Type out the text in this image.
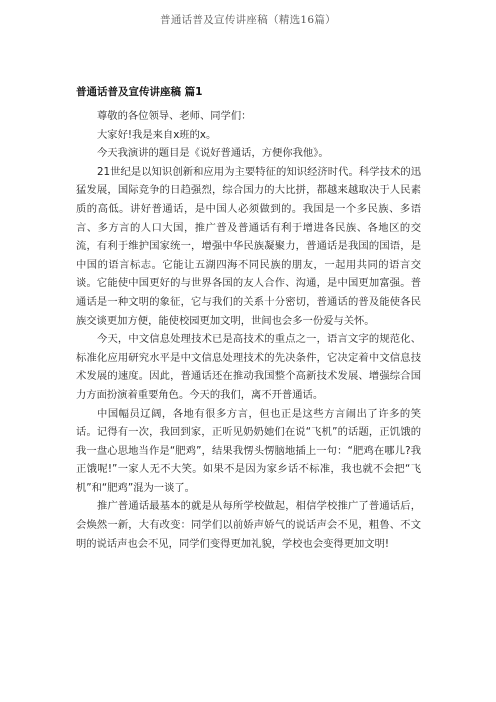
普通话普及宣传讲座稿（精选16篇）
普通话普及宣传讲座稿 篇1

尊敬的各位领导、老师、同学们：

大家好!我是来自x班的x。

今天我演讲的题目是《说好普通话，方便你我他》。

21世纪是以知识创新和应用为主要特征的知识经济时代。科学技术的迅猛发展，国际竞争的日趋强烈，综合国力的大比拼，都越来越取决于人民素质的高低。讲好普通话，是中国人必须做到的。我国是一个多民族、多语言、多方言的人口大国，推广普及普通话有利于增进各民族、各地区的交流，有利于维护国家统一，增强中华民族凝聚力，普通话是我国的国语，是中国的语言标志。它能让五湖四海不同民族的朋友，一起用共同的语言交谈。它能使中国更好的与世界各国的友人合作、沟通，是中国更加富强。普通话是一种文明的象征，它与我们的关系十分密切，普通话的普及能使各民族交谈更加方便，能使校园更加文明，世间也会多一份爱与关怀。

今天，中文信息处理技术已是高技术的重点之一，语言文字的规范化、标准化应用研究水平是中文信息处理技术的先决条件，它决定着中文信息技术发展的速度。因此，普通话还在推动我国整个高新技术发展、增强综合国力方面扮演着重要角色。今天的我们，离不开普通话。

中国幅员辽阔，各地有很多方言，但也正是这些方言闹出了许多的笑话。记得有一次，我回到家，正听见奶奶她们在说“飞机”的话题，正饥饿的我一盘心思地当作是“肥鸡”，结果我愣头愣脑地插上一句：“肥鸡在哪儿?我正饿呢!”一家人无不大笑。如果不是因为家乡话不标准，我也就不会把“飞机”和“肥鸡”混为一谈了。

推广普通话最基本的就是从每所学校做起，相信学校推广了普通话后，会焕然一新，大有改变：同学们以前娇声娇气的说话声会不见，粗鲁、不文明的说话声也会不见，同学们变得更加礼貌，学校也会变得更加文明!
